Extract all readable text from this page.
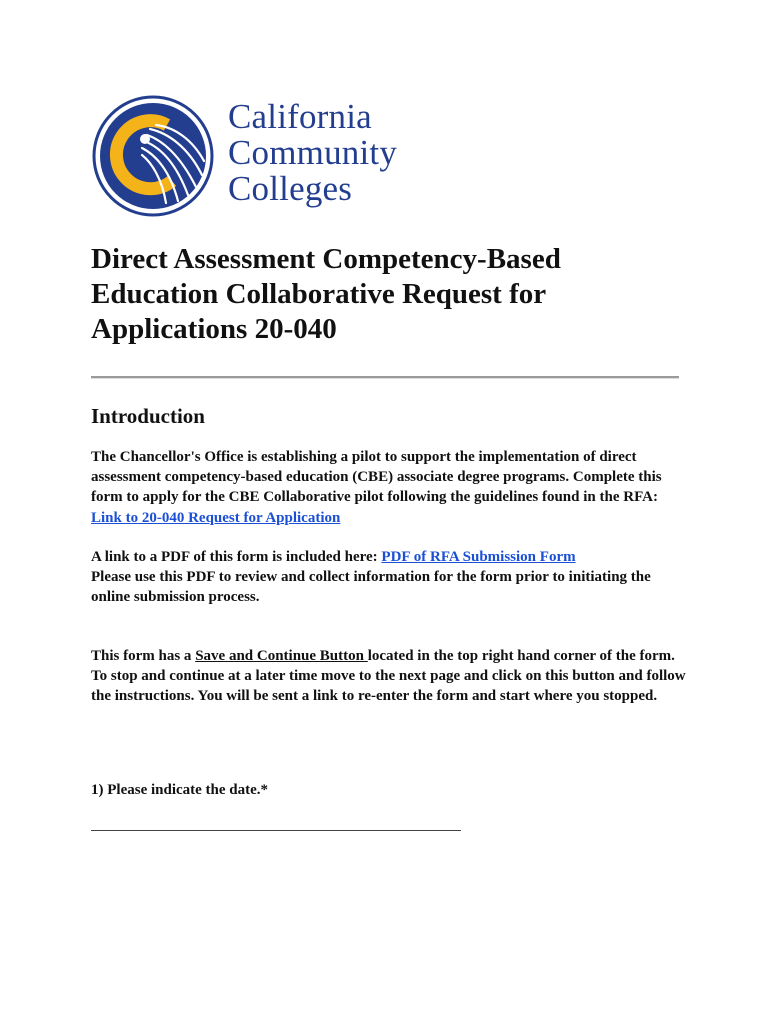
California
Community
Colleges
Direct Assessment Competency-Based Education Collaborative Request for Applications 20-040
Introduction

The Chancellor's Office is establishing a pilot to support the implementation of direct assessment competency-based education (CBE) associate degree programs. Complete this form to apply for the CBE Collaborative pilot following the guidelines found in the RFA: Link to 20-040 Request for Application

A link to a PDF of this form is included here: PDF of RFA Submission Form
Please use this PDF to review and collect information for the form prior to initiating the online submission process.

This form has a Save and Continue Button located in the top right hand corner of the form. To stop and continue at a later time move to the next page and click on this button and follow the instructions. You will be sent a link to re-enter the form and start where you stopped.

1) Please indicate the date.*
